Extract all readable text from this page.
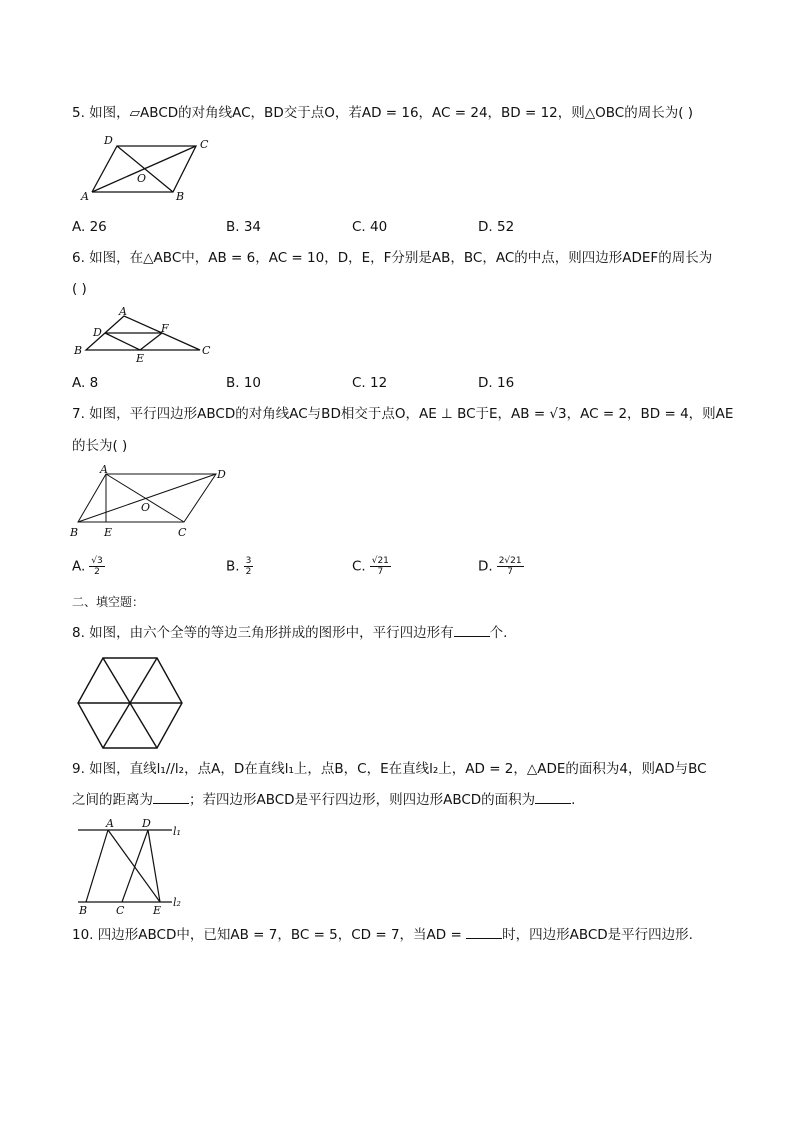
5. 如图，▱ABCD的对角线AC，BD交于点O，若AD = 16，AC = 24，BD = 12，则△OBC的周长为( )
D	C
O
A	B
A. 26	B. 34	C. 40	D. 52
6. 如图，在△ABC中，AB = 6，AC = 10，D，E，F分别是AB，BC，AC的中点，则四边形ADEF的周长为
( )
A
D	F
B
E
C
A. 8	B. 10	C. 12	D. 16
7. 如图，平行四边形ABCD的对角线AC与BD相交于点O，AE ⊥ BC于E，AB = √3，AC = 2，BD = 4，则AE
的长为( )
A	D
O
B E	C
A. $\frac{√3}{2}$	B. $\frac{3}{2}$	C. $\frac{√21}{7}$	D. $\frac{2√21}{7}$
二、填空题：
8. 如图，由六个全等的等边三角形拼成的图形中，平行四边形有	个.
9. 如图，直线l₁//l₂，点A，D在直线l₁上，点B，C，E在直线l₂上，AD = 2，△ADE的面积为4，则AD与BC
之间的距离为	；若四边形ABCD是平行四边形，则四边形ABCD的面积为	.
A	D
l₁
B	C	E
l₂
10. 四边形ABCD中，已知AB = 7，BC = 5，CD = 7，当AD =	时，四边形ABCD是平行四边形.
